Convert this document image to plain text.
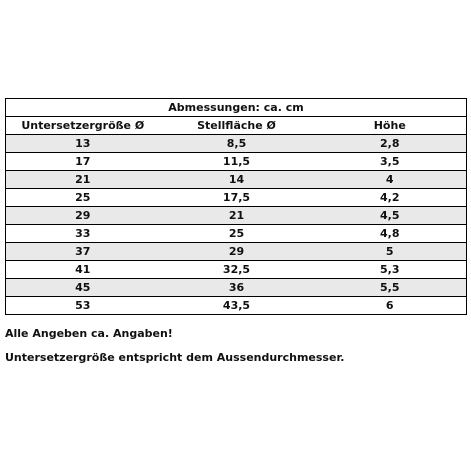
Abmessungen: ca. cm		
Untersetzergröße Ø	Stellfläche Ø	Höhe
13	8,5	2,8
17	11,5	3,5
21	14	4
25	17,5	4,2
29	21	4,5
33	25	4,8
37	29	5
41	32,5	5,3
45	36	5,5
53	43,5	6
Alle Angeben ca. Angaben!
Untersetzergröße entspricht dem Aussendurchmesser.
